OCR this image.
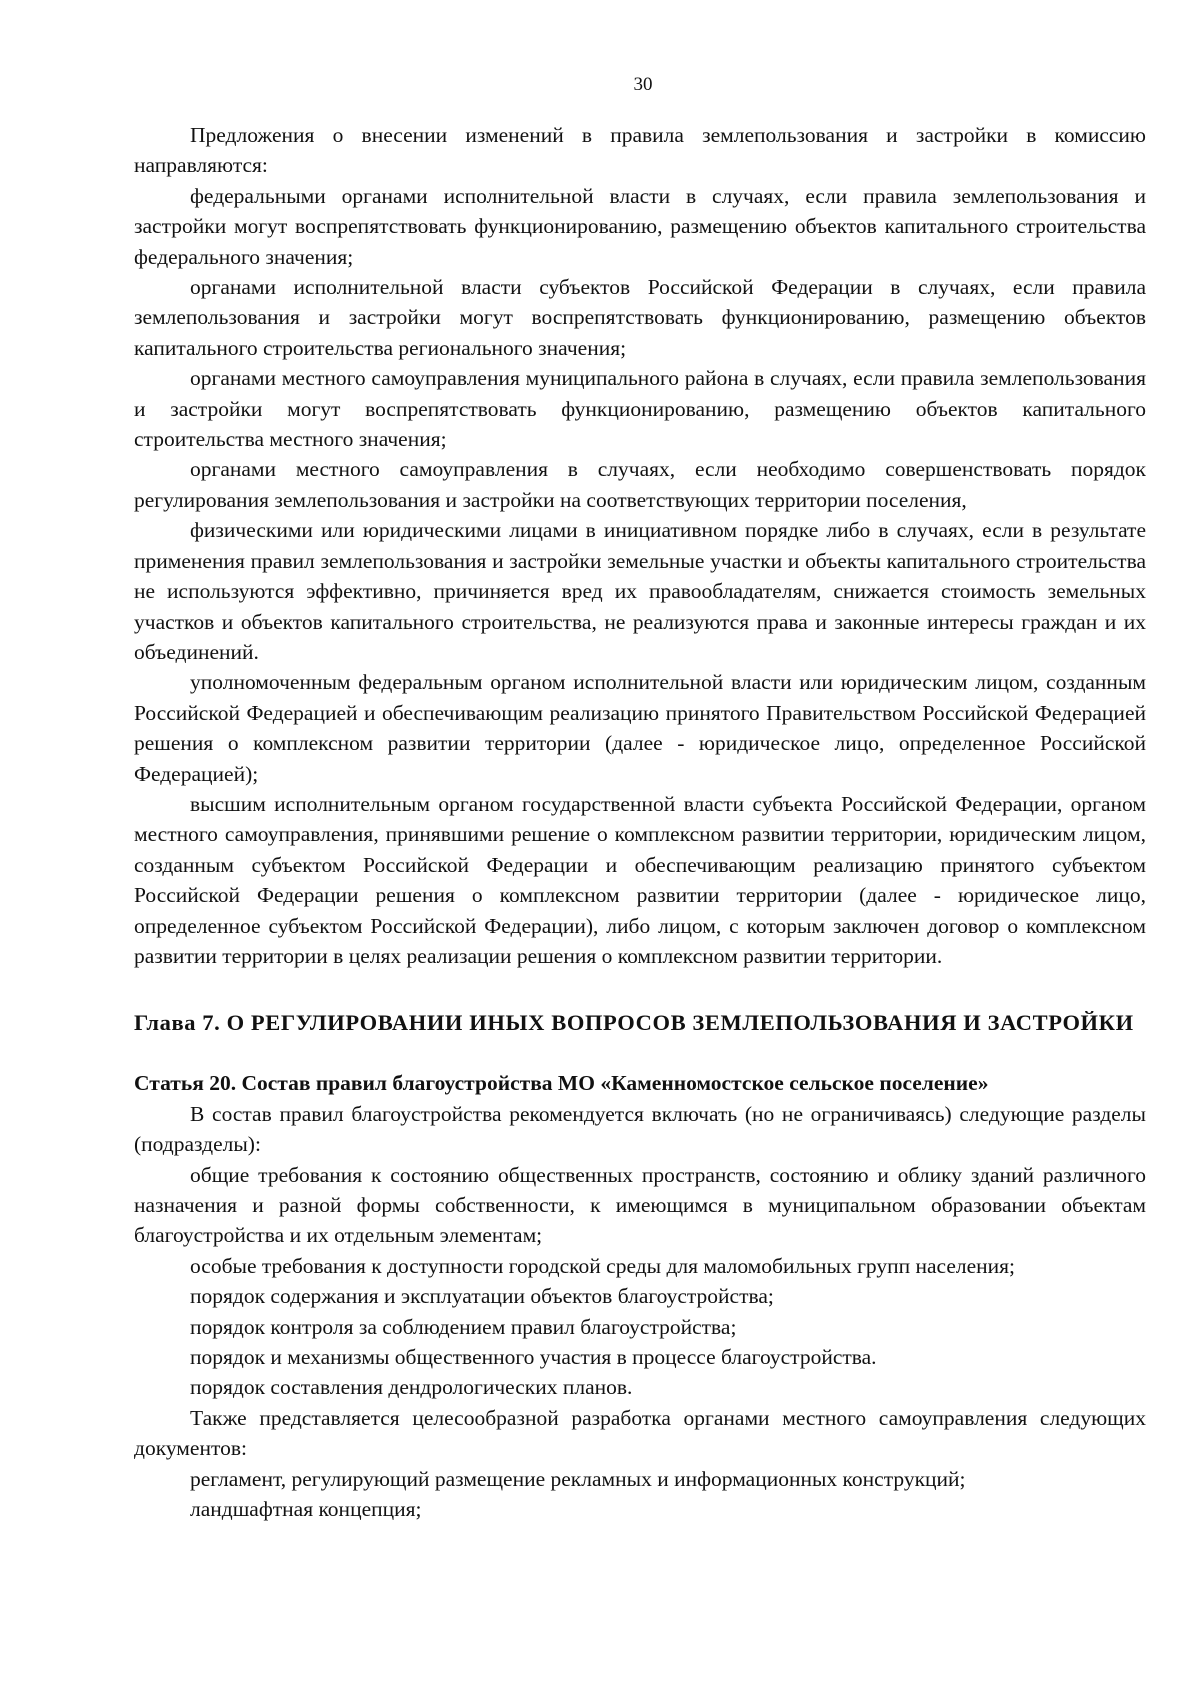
30

Предложения о внесении изменений в правила землепользования и застройки в комиссию направляются:

федеральными органами исполнительной власти в случаях, если правила землепользования и застройки могут воспрепятствовать функционированию, размещению объектов капитального строительства федерального значения;

органами исполнительной власти субъектов Российской Федерации в случаях, если правила землепользования и застройки могут воспрепятствовать функционированию, размещению объектов капитального строительства регионального значения;

органами местного самоуправления муниципального района в случаях, если правила землепользования и застройки могут воспрепятствовать функционированию, размещению объектов капитального строительства местного значения;

органами местного самоуправления в случаях, если необходимо совершенствовать порядок регулирования землепользования и застройки на соответствующих территории поселения,

физическими или юридическими лицами в инициативном порядке либо в случаях, если в результате применения правил землепользования и застройки земельные участки и объекты капитального строительства не используются эффективно, причиняется вред их правообладателям, снижается стоимость земельных участков и объектов капитального строительства, не реализуются права и законные интересы граждан и их объединений.

уполномоченным федеральным органом исполнительной власти или юридическим лицом, созданным Российской Федерацией и обеспечивающим реализацию принятого Правительством Российской Федерацией решения о комплексном развитии территории (далее - юридическое лицо, определенное Российской Федерацией);

высшим исполнительным органом государственной власти субъекта Российской Федерации, органом местного самоуправления, принявшими решение о комплексном развитии территории, юридическим лицом, созданным субъектом Российской Федерации и обеспечивающим реализацию принятого субъектом Российской Федерации решения о комплексном развитии территории (далее - юридическое лицо, определенное субъектом Российской Федерации), либо лицом, с которым заключен договор о комплексном развитии территории в целях реализации решения о комплексном развитии территории.

Глава 7. О РЕГУЛИРОВАНИИ ИНЫХ ВОПРОСОВ ЗЕМЛЕПОЛЬЗОВАНИЯ И ЗАСТРОЙКИ
Статья 20. Состав правил благоустройства МО «Каменномостское сельское поселение»

В состав правил благоустройства рекомендуется включать (но не ограничиваясь) следующие разделы (подразделы):

общие требования к состоянию общественных пространств, состоянию и облику зданий различного назначения и разной формы собственности, к имеющимся в муниципальном образовании объектам благоустройства и их отдельным элементам;

особые требования к доступности городской среды для маломобильных групп населения;

порядок содержания и эксплуатации объектов благоустройства;

порядок контроля за соблюдением правил благоустройства;

порядок и механизмы общественного участия в процессе благоустройства.

порядок составления дендрологических планов.

Также представляется целесообразной разработка органами местного самоуправления следующих документов:

регламент, регулирующий размещение рекламных и информационных конструкций;

ландшафтная концепция;
